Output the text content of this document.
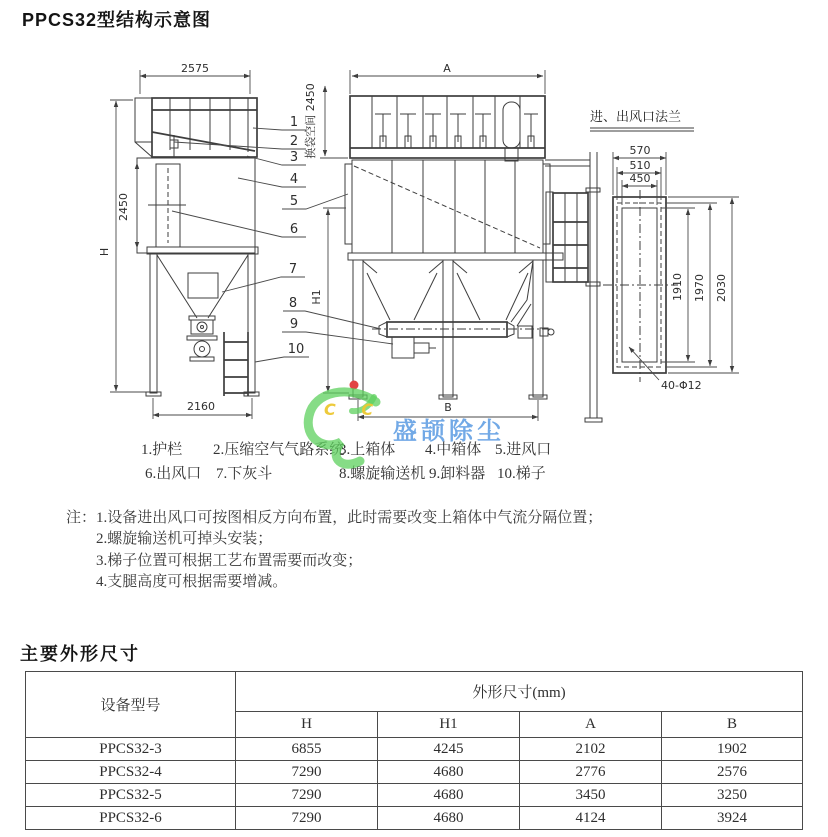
PPCS32型结构示意图
2575
H
2450
2160
A
换袋空间 2450
B
H1
进、出风口法兰
570
510
450
1910 1970 2030
40-Φ12
1
2
3
4
5
6
7
8
9
10
C C
盛颉除尘
1.护栏 2.压缩空气气路系统
3.上箱体 4.中箱体 5.进风口
6.出风口 7.下灰斗	8.螺旋输送机 9.卸料器 10.梯子
注： 1.设备进出风口可按图相反方向布置，此时需要改变上箱体中气流分隔位置；
2.螺旋输送机可掉头安装；
3.梯子位置可根据工艺布置需要而改变；
4.支腿高度可根据需要增减。
主要外形尺寸
设备型号	外形尺寸(mm)			
	H	H1	A	B
PPCS32-3	6855	4245	2102	1902
PPCS32-4	7290	4680	2776	2576
PPCS32-5	7290	4680	3450	3250
PPCS32-6	7290	4680	4124	3924
